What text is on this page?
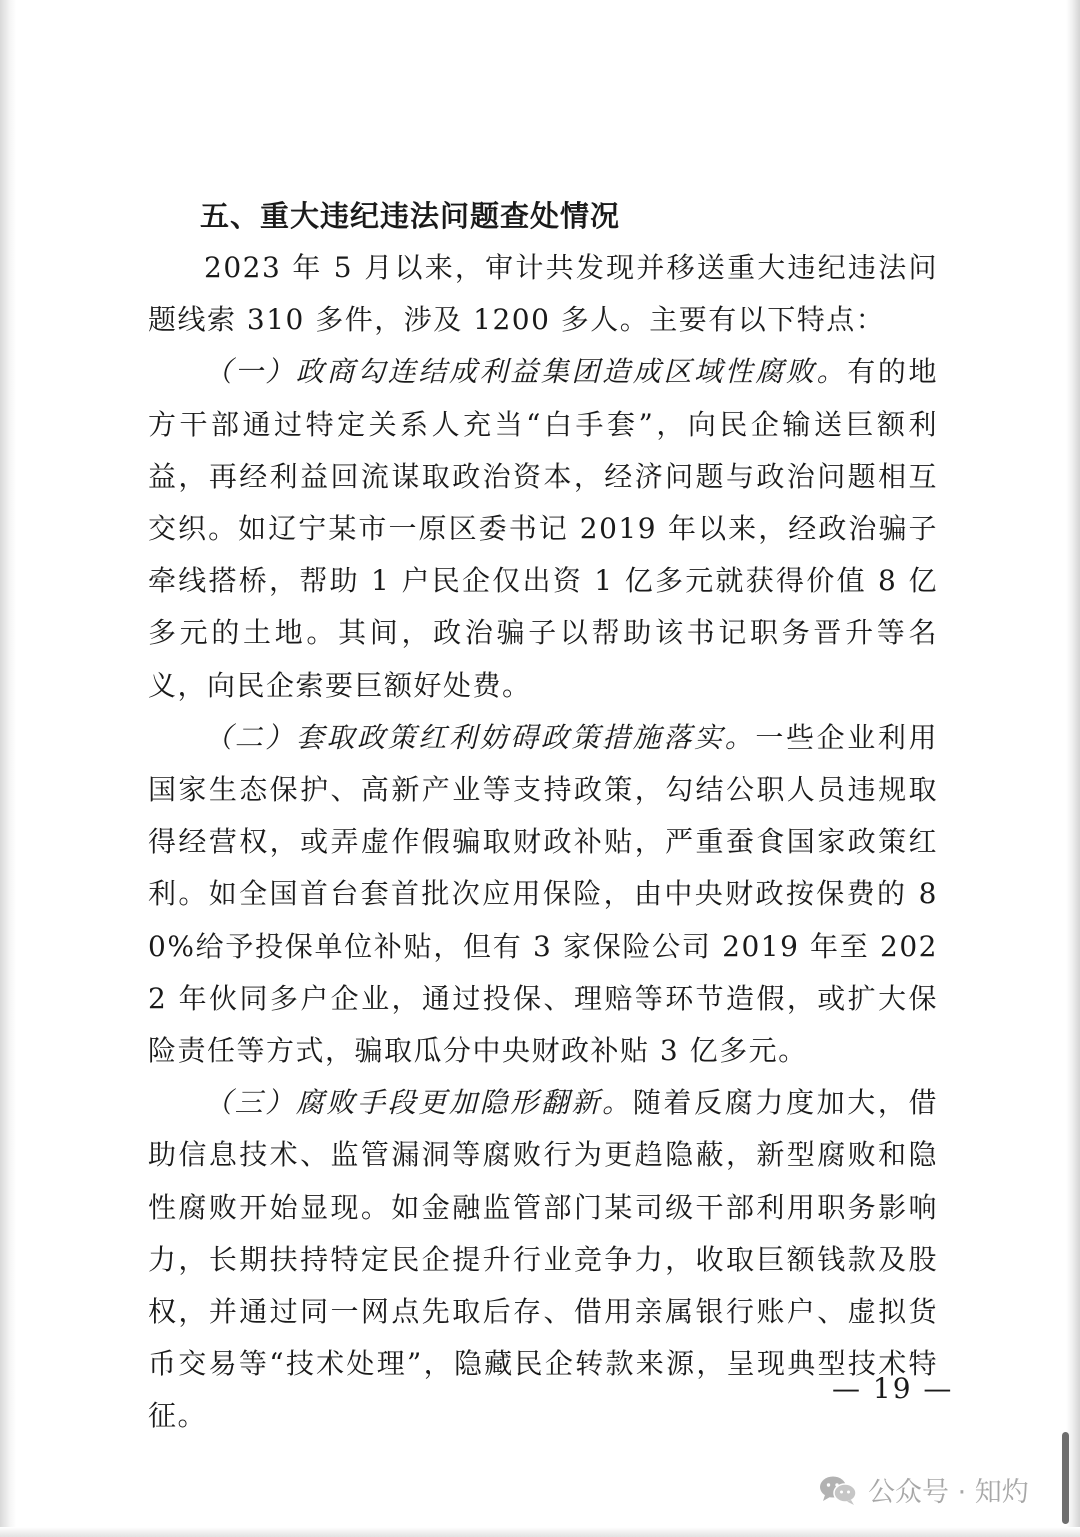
五、重大违纪违法问题查处情况

2023 年 5 月以来，审计共发现并移送重大违纪违法问题线索 310 多件，涉及 1200 多人。主要有以下特点：

（一）政商勾连结成利益集团造成区域性腐败。有的地方干部通过特定关系人充当“白手套”，向民企输送巨额利益，再经利益回流谋取政治资本，经济问题与政治问题相互交织。如辽宁某市一原区委书记 2019 年以来，经政治骗子牵线搭桥，帮助 1 户民企仅出资 1 亿多元就获得价值 8 亿多元的土地。其间，政治骗子以帮助该书记职务晋升等名义，向民企索要巨额好处费。

（二）套取政策红利妨碍政策措施落实。一些企业利用国家生态保护、高新产业等支持政策，勾结公职人员违规取得经营权，或弄虚作假骗取财政补贴，严重蚕食国家政策红利。如全国首台套首批次应用保险，由中央财政按保费的 80%给予投保单位补贴，但有 3 家保险公司 2019 年至 2022 年伙同多户企业，通过投保、理赔等环节造假，或扩大保险责任等方式，骗取瓜分中央财政补贴 3 亿多元。

（三）腐败手段更加隐形翻新。随着反腐力度加大，借助信息技术、监管漏洞等腐败行为更趋隐蔽，新型腐败和隐性腐败开始显现。如金融监管部门某司级干部利用职务影响力，长期扶持特定民企提升行业竞争力，收取巨额钱款及股权，并通过同一网点先取后存、借用亲属银行账户、虚拟货币交易等“技术处理”，隐藏民企转款来源，呈现典型技术特征。

— 19 —
公众号 · 知灼
